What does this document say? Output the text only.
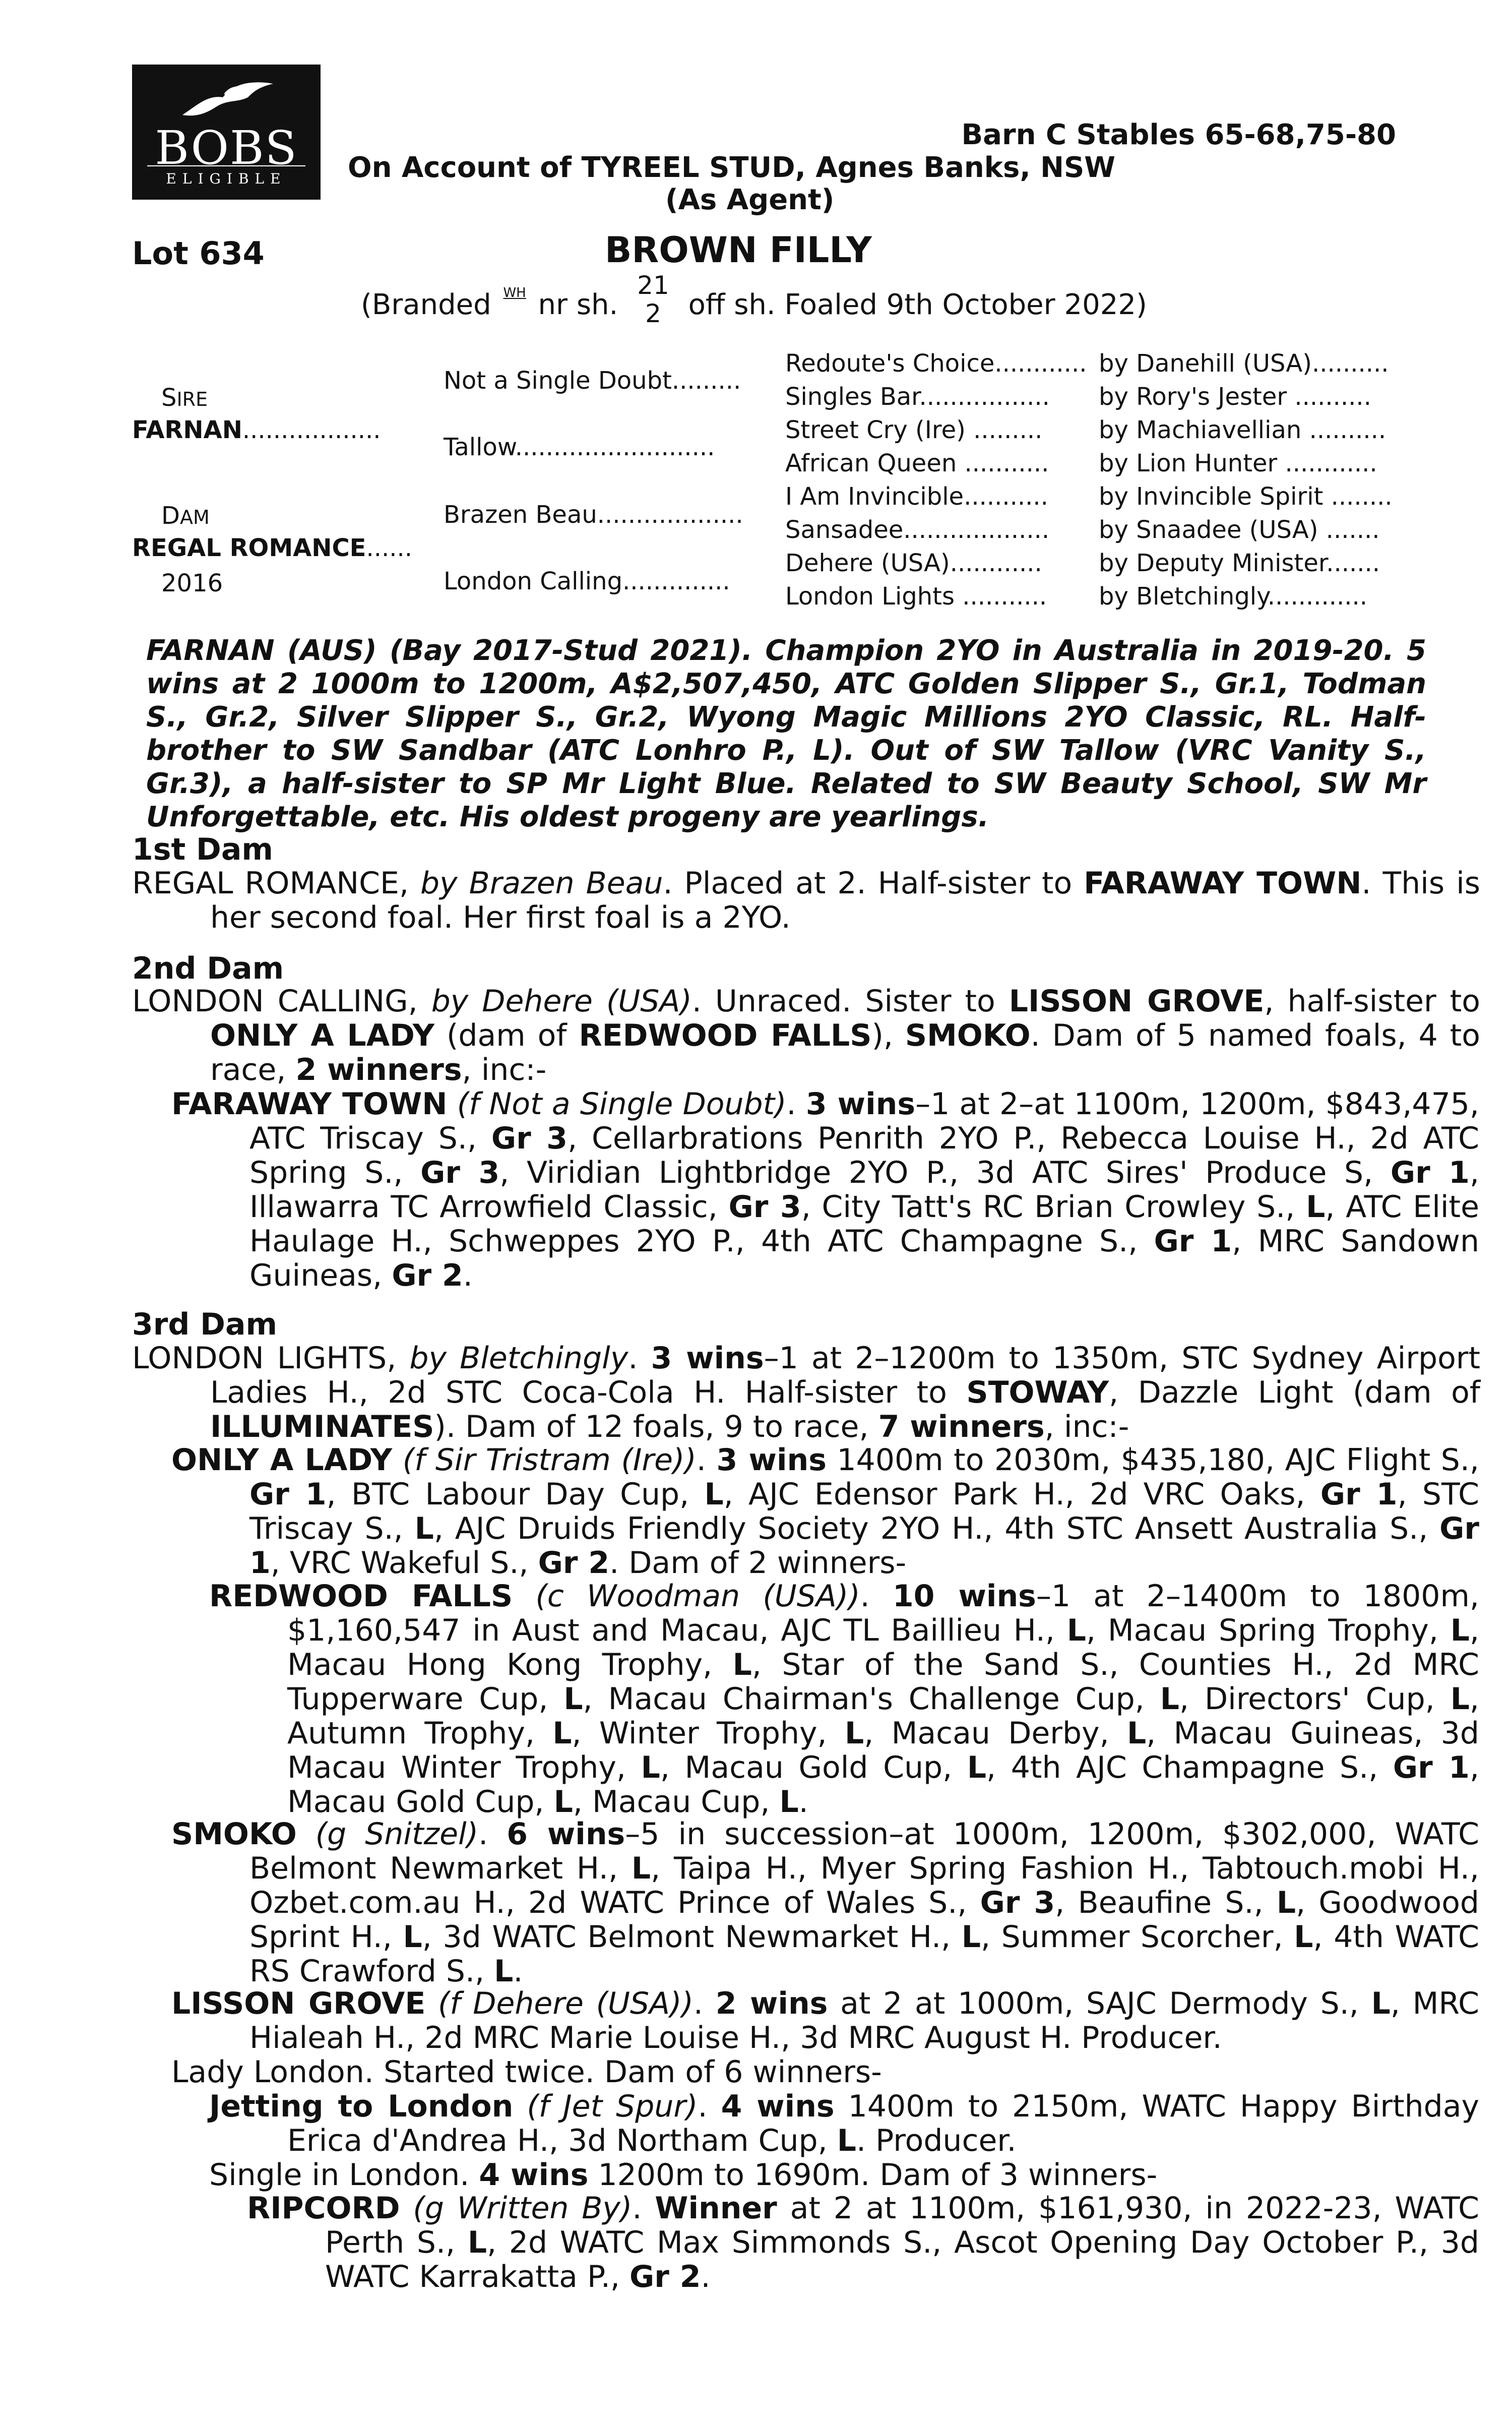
BOBS
ELIGIBLE
Barn C Stables 65-68,75-80
On Account of TYREEL STUD, Agnes Banks, NSW
(As Agent)
Lot 634	BROWN FILLY
(Branded WH nr sh.
21
2 off sh. Foaled 9th October 2022)
SIRE
FARNAN..................
DAM
REGAL ROMANCE......
2016
Not a Single Doubt.........
Tallow..........................
Brazen Beau...................
London Calling..............
Redoute's Choice............
Singles Bar.................
Street Cry (Ire) .........
African Queen ...........
I Am Invincible...........
Sansadee...................
Dehere (USA)............
London Lights ...........
by Danehill (USA)..........
by Rory's Jester ..........
by Machiavellian ..........
by Lion Hunter ............
by Invincible Spirit ........
by Snaadee (USA) .......
by Deputy Minister.......
by Bletchingly.............
FARNAN (AUS) (Bay 2017-Stud 2021). Champion 2YO in Australia in 2019-20. 5 wins at 2 1000m to 1200m, A$2,507,450, ATC Golden Slipper S., Gr.1, Todman S., Gr.2, Silver Slipper S., Gr.2, Wyong Magic Millions 2YO Classic, RL. Half-brother to SW Sandbar (ATC Lonhro P., L). Out of SW Tallow (VRC Vanity S., Gr.3), a half-sister to SP Mr Light Blue. Related to SW Beauty School, SW Mr Unforgettable, etc. His oldest progeny are yearlings.
1st Dam
REGAL ROMANCE, by Brazen Beau. Placed at 2. Half-sister to FARAWAY TOWN. This is her second foal. Her first foal is a 2YO.
2nd Dam
LONDON CALLING, by Dehere (USA). Unraced. Sister to LISSON GROVE, half-sister to ONLY A LADY (dam of REDWOOD FALLS), SMOKO. Dam of 5 named foals, 4 to race, 2 winners, inc:-
FARAWAY TOWN (f Not a Single Doubt). 3 wins–1 at 2–at 1100m, 1200m, $843,475, ATC Triscay S., Gr 3, Cellarbrations Penrith 2YO P., Rebecca Louise H., 2d ATC Spring S., Gr 3, Viridian Lightbridge 2YO P., 3d ATC Sires' Produce S, Gr 1, Illawarra TC Arrowfield Classic, Gr 3, City Tatt's RC Brian Crowley S., L, ATC Elite Haulage H., Schweppes 2YO P., 4th ATC Champagne S., Gr 1, MRC Sandown Guineas, Gr 2.
3rd Dam
LONDON LIGHTS, by Bletchingly. 3 wins–1 at 2–1200m to 1350m, STC Sydney Airport Ladies H., 2d STC Coca-Cola H. Half-sister to STOWAY, Dazzle Light (dam of ILLUMINATES). Dam of 12 foals, 9 to race, 7 winners, inc:-
ONLY A LADY (f Sir Tristram (Ire)). 3 wins 1400m to 2030m, $435,180, AJC Flight S., Gr 1, BTC Labour Day Cup, L, AJC Edensor Park H., 2d VRC Oaks, Gr 1, STC Triscay S., L, AJC Druids Friendly Society 2YO H., 4th STC Ansett Australia S., Gr 1, VRC Wakeful S., Gr 2. Dam of 2 winners-
REDWOOD FALLS (c Woodman (USA)). 10 wins–1 at 2–1400m to 1800m, $1,160,547 in Aust and Macau, AJC TL Baillieu H., L, Macau Spring Trophy, L, Macau Hong Kong Trophy, L, Star of the Sand S., Counties H., 2d MRC Tupperware Cup, L, Macau Chairman's Challenge Cup, L, Directors' Cup, L, Autumn Trophy, L, Winter Trophy, L, Macau Derby, L, Macau Guineas, 3d Macau Winter Trophy, L, Macau Gold Cup, L, 4th AJC Champagne S., Gr 1, Macau Gold Cup, L, Macau Cup, L.
SMOKO (g Snitzel). 6 wins–5 in succession–at 1000m, 1200m, $302,000, WATC Belmont Newmarket H., L, Taipa H., Myer Spring Fashion H., Tabtouch.mobi H., Ozbet.com.au H., 2d WATC Prince of Wales S., Gr 3, Beaufine S., L, Goodwood Sprint H., L, 3d WATC Belmont Newmarket H., L, Summer Scorcher, L, 4th WATC RS Crawford S., L.
LISSON GROVE (f Dehere (USA)). 2 wins at 2 at 1000m, SAJC Dermody S., L, MRC Hialeah H., 2d MRC Marie Louise H., 3d MRC August H. Producer.
Lady London. Started twice. Dam of 6 winners-
Jetting to London (f Jet Spur). 4 wins 1400m to 2150m, WATC Happy Birthday Erica d'Andrea H., 3d Northam Cup, L. Producer.
Single in London. 4 wins 1200m to 1690m. Dam of 3 winners-
RIPCORD (g Written By). Winner at 2 at 1100m, $161,930, in 2022-23, WATC Perth S., L, 2d WATC Max Simmonds S., Ascot Opening Day October P., 3d WATC Karrakatta P., Gr 2.
